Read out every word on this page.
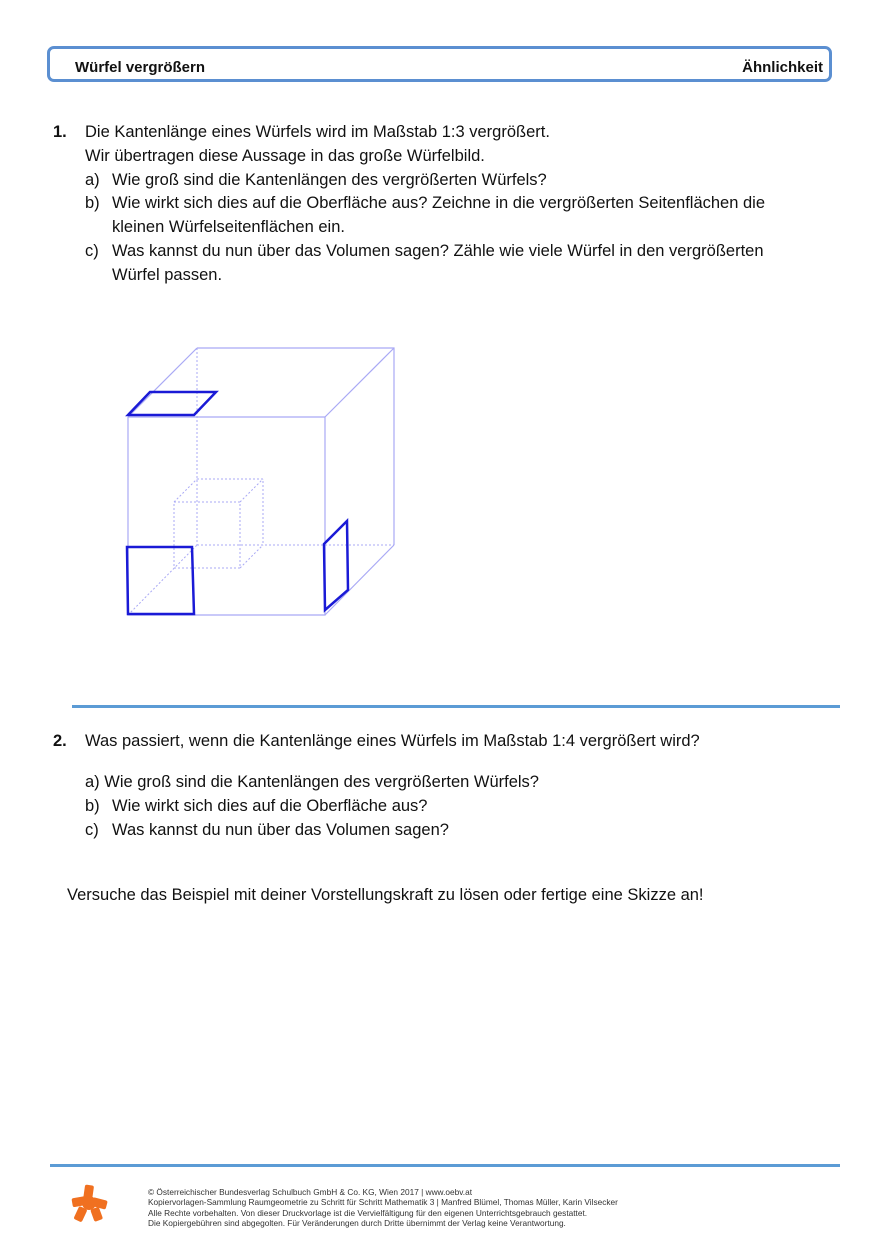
Würfel vergrößern	Ähnlichkeit
1. Die Kantenlänge eines Würfels wird im Maßstab 1:3 vergrößert.
Wir übertragen diese Aussage in das große Würfelbild.
a) Wie groß sind die Kantenlängen des vergrößerten Würfels?
b) Wie wirkt sich dies auf die Oberfläche aus? Zeichne in die vergrößerten Seitenflächen die
kleinen Würfelseitenflächen ein.
c) Was kannst du nun über das Volumen sagen? Zähle wie viele Würfel in den vergrößerten
Würfel passen.
2. Was passiert, wenn die Kantenlänge eines Würfels im Maßstab 1:4 vergrößert wird?
a) Wie groß sind die Kantenlängen des vergrößerten Würfels?
b) Wie wirkt sich dies auf die Oberfläche aus?
c) Was kannst du nun über das Volumen sagen?
Versuche das Beispiel mit deiner Vorstellungskraft zu lösen oder fertige eine Skizze an!
© Österreichischer Bundesverlag Schulbuch GmbH & Co. KG, Wien 2017 | www.oebv.at
Kopiervorlagen-Sammlung Raumgeometrie zu Schritt für Schritt Mathematik 3 | Manfred Blümel, Thomas Müller, Karin Vilsecker
Alle Rechte vorbehalten. Von dieser Druckvorlage ist die Vervielfältigung für den eigenen Unterrichtsgebrauch gestattet.
Die Kopiergebühren sind abgegolten. Für Veränderungen durch Dritte übernimmt der Verlag keine Verantwortung.
